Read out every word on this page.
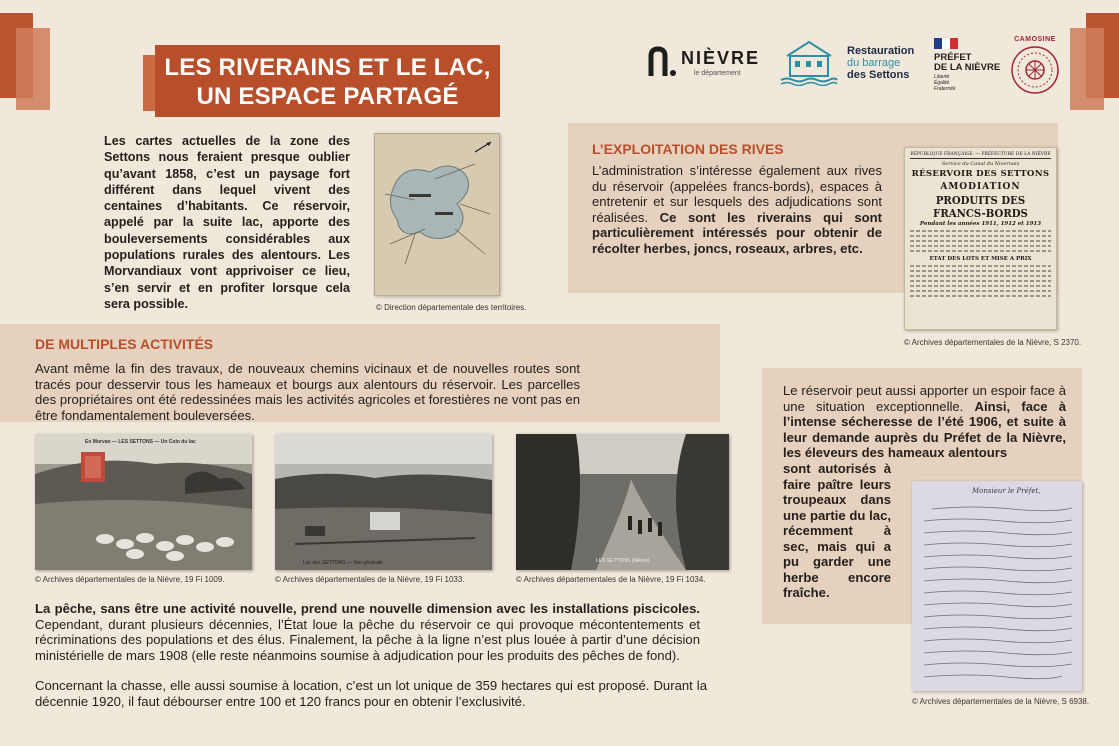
LES RIVERAINS ET LE LAC,
UN ESPACE PARTAGÉ
NIÈVRE
le département
Restauration
du barrage
des Settons
PRÉFET
DE LA NIÈVRE
Liberté
Égalité
Fraternité
CAMOSINE
Les cartes actuelles de la zone des Settons nous feraient presque oublier qu’avant 1858, c’est un paysage fort différent dans lequel vivent des centaines d’habitants. Ce réservoir, appelé par la suite lac, apporte des bouleversements considérables aux populations rurales des alentours. Les Morvandiaux vont apprivoiser ce lieu, s’en servir et en profiter lorsque cela sera possible.	© Direction départementale des territoires.
L’EXPLOITATION DES RIVES
L’administration s’intéresse également aux rives du réservoir (appelées francs-bords), espaces à entretenir et sur lesquels des adjudications sont réalisées. Ce sont les riverains qui sont particulièrement intéressés pour obtenir de récolter herbes, joncs, roseaux, arbres, etc.
RÉPUBLIQUE FRANÇAISE. — PRÉFECTURE DE LA NIÈVRE
Service du Canal du Nivernais
RÉSERVOIR DES SETTONS
AMODIATION
PRODUITS DES FRANCS-BORDS
Pendant les années 1911, 1912 et 1913
ETAT DES LOTS ET MISE A PRIX
© Archives départementales de la Nièvre, S 2370.
DE MULTIPLES ACTIVITÉS
Avant même la fin des travaux, de nouveaux chemins vicinaux et de nouvelles routes sont tracés pour desservir tous les hameaux et bourgs aux alentours du réservoir. Les parcelles des propriétaires ont été redessinées mais les activités agricoles et forestières ne vont pas en être fondamentalement bouleversées.
En Morvan — LES SETTONS — Un Coin du lac
© Archives départementales de la Nièvre, 19 Fi 1009.
Lac des SETTONS — Vue générale
© Archives départementales de la Nièvre, 19 Fi 1033.
LES SETTONS (Nièvre)
© Archives départementales de la Nièvre, 19 Fi 1034.
La pêche, sans être une activité nouvelle, prend une nouvelle dimension avec les installations piscicoles. Cependant, durant plusieurs décennies, l’État loue la pêche du réservoir ce qui provoque mécontentements et récriminations des populations et des élus. Finalement, la pêche à la ligne n’est plus louée à partir d’une décision ministérielle de mars 1908 (elle reste néanmoins soumise à adjudication pour les produits des pêches de fond).
Concernant la chasse, elle aussi soumise à location, c’est un lot unique de 359 hectares qui est proposé. Durant la décennie 1920, il faut débourser entre 100 et 120 francs pour en obtenir l’exclusivité.
Le réservoir peut aussi apporter un espoir face à une situation exceptionnelle. Ainsi, face à l’intense sécheresse de l’été 1906, et suite à leur demande auprès du Préfet de la Nièvre, les éleveurs des hameaux alentours
sont autorisés à faire paître leurs troupeaux dans une partie du lac, récemment à sec, mais qui a pu garder une herbe encore fraîche.
Monsieur le Préfet,
© Archives départementales de la Nièvre, S 6938.
